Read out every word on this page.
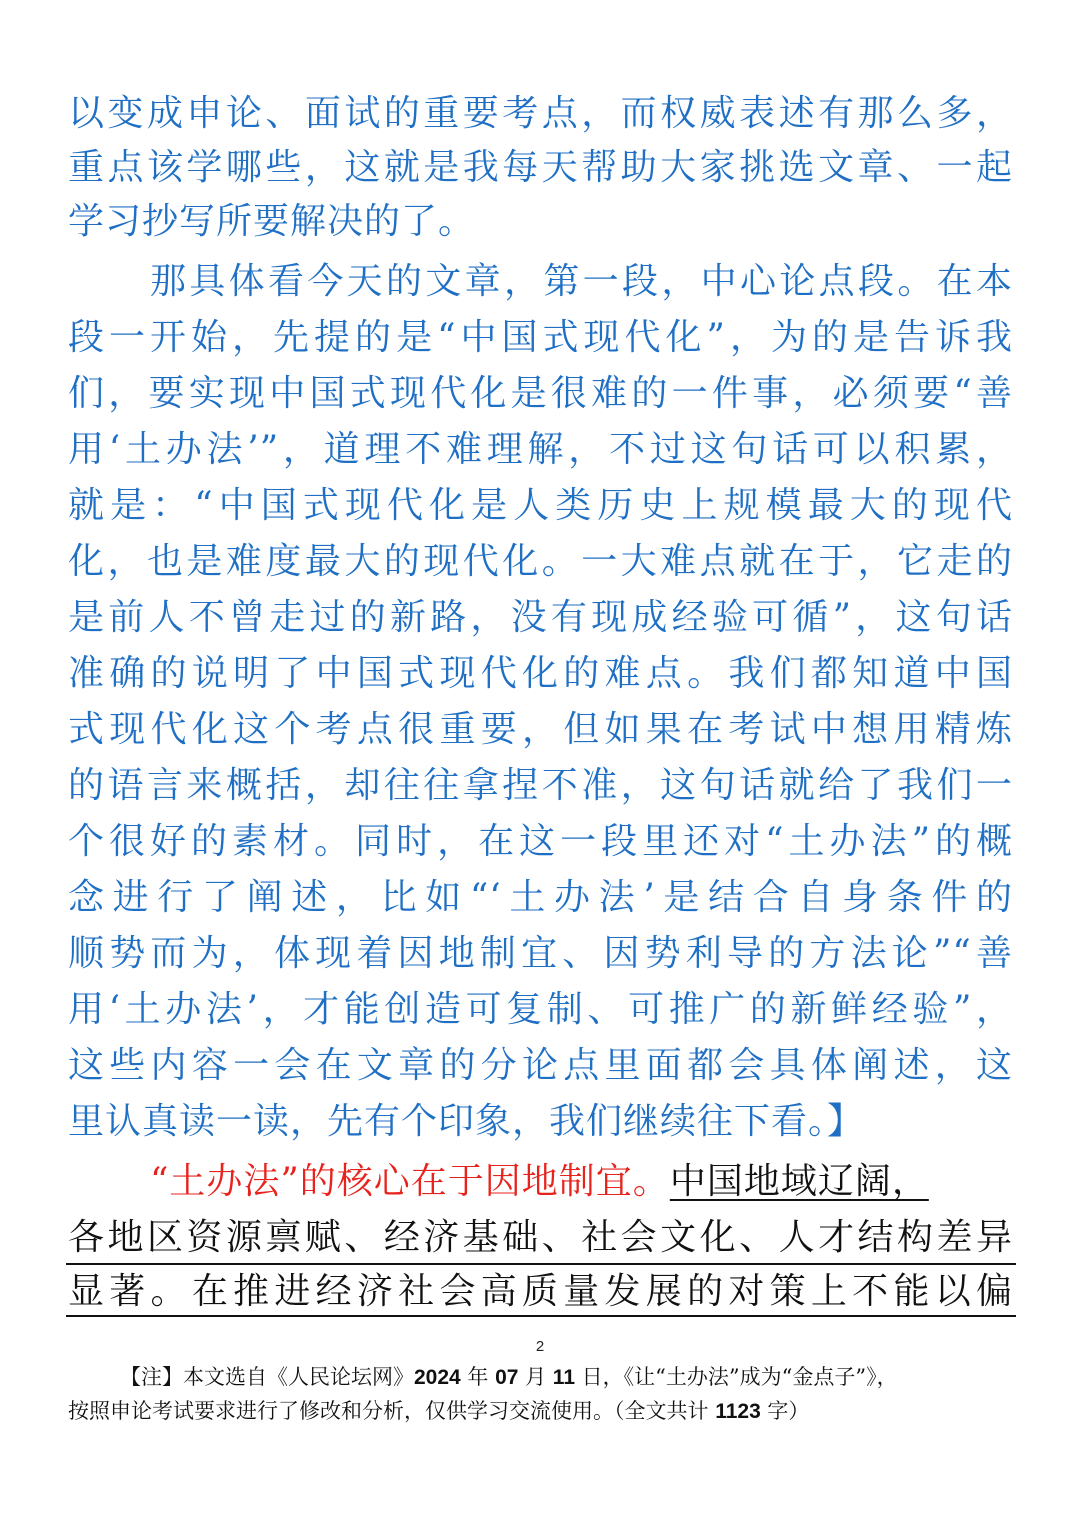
以变成申论、面试的重要考点，而权威表述有那么多，
重点该学哪些，这就是我每天帮助大家挑选文章、一起
学习抄写所要解决的了。
那具体看今天的文章，第一段，中心论点段。在本
段一开始，先提的是“中国式现代化”，为的是告诉我
们，要实现中国式现代化是很难的一件事，必须要“善
用‘土办法’”，道理不难理解，不过这句话可以积累，
就是：“中国式现代化是人类历史上规模最大的现代
化，也是难度最大的现代化。一大难点就在于，它走的
是前人不曾走过的新路，没有现成经验可循”，这句话
准确的说明了中国式现代化的难点。我们都知道中国
式现代化这个考点很重要，但如果在考试中想用精炼
的语言来概括，却往往拿捏不准，这句话就给了我们一
个很好的素材。同时，在这一段里还对“土办法”的概
念进行了阐述，比如“‘土办法’是结合自身条件的
顺势而为，体现着因地制宜、因势利导的方法论”“善
用‘土办法’，才能创造可复制、可推广的新鲜经验”，
这些内容一会在文章的分论点里面都会具体阐述，这
里认真读一读，先有个印象，我们继续往下看。】
“土办法”的核心在于因地制宜。中国地域辽阔，
各地区资源禀赋、经济基础、社会文化、人才结构差异
显著。在推进经济社会高质量发展的对策上不能以偏
2
【注】本文选自《人民论坛网》2024 年 07 月 11 日，《让“土办法”成为“金点子”》，
按照申论考试要求进行了修改和分析，仅供学习交流使用。（全文共计 1123 字）
